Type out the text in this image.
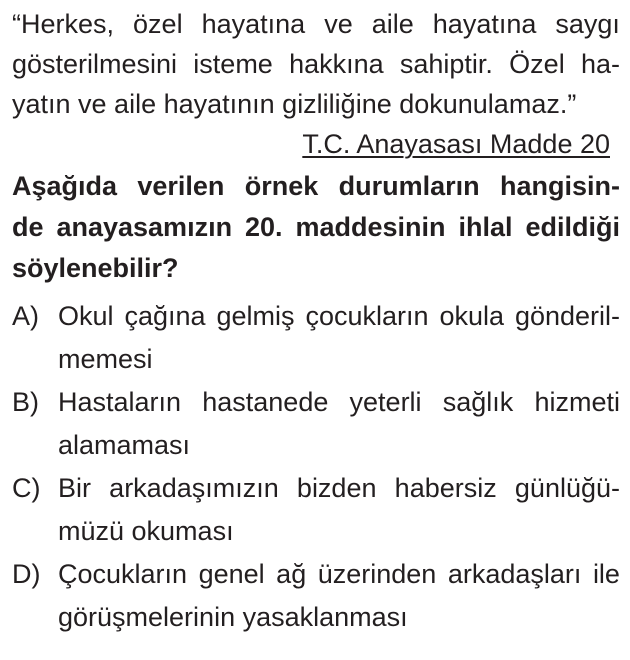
“Herkes, özel hayatına ve aile hayatına saygı
gösterilmesini isteme hakkına sahiptir. Özel ha-
yatın ve aile hayatının gizliliğine dokunulamaz.”
T.C. Anayasası Madde 20
Aşağıda verilen örnek durumların hangisin-
de anayasamızın 20. maddesinin ihlal edildiği
söylenebilir?
A) Okul çağına gelmiş çocukların okula gönderil-
memesi
B) Hastaların hastanede yeterli sağlık hizmeti
alamaması
C) Bir arkadaşımızın bizden habersiz günlüğü-
müzü okuması
D) Çocukların genel ağ üzerinden arkadaşları ile
görüşmelerinin yasaklanması
